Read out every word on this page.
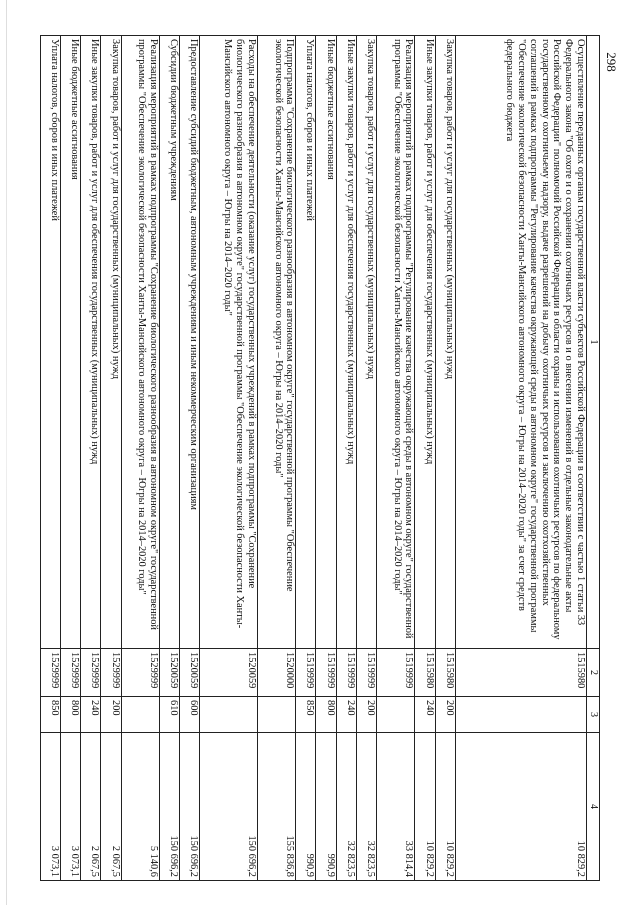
298
1	2	3	4
Осуществление переданных органам государственной власти субъектов Российской Федерации в соответствии с частью 1 статьи 33 Федерального закона "Об охоте и о сохранении охотничьих ресурсов и о внесении изменений в отдельные законодательные акты Российской Федерации" полномочий Российской Федерации в области охраны и использования охотничьих ресурсов по федеральному государственному охотничьему надзору, выдаче разрешений на добычу охотничьих ресурсов и заключению охотхозяйственных соглашений в рамках подпрограммы "Регулирование качества окружающей среды в автономном округе" государственной программы "Обеспечение экологической безопасности Ханты-Мансийского автономного округа – Югры на 2014–2020 годы" за счет средств федерального бюджета	1515980		10 829,2
Закупка товаров, работ и услуг для государственных (муниципальных) нужд	1515980	200	10 829,2
Иные закупки товаров, работ и услуг для обеспечения государственных (муниципальных) нужд	1515980	240	10 829,2
Реализация мероприятий в рамках подпрограммы "Регулирование качества окружающей среды в автономном округе" государственной программы "Обеспечение экологической безопасности Ханты-Мансийского автономного округа – Югры на 2014–2020 годы"	1519999		33 814,4
Закупка товаров, работ и услуг для государственных (муниципальных) нужд	1519999	200	32 823,5
Иные закупки товаров, работ и услуг для обеспечения государственных (муниципальных) нужд	1519999	240	32 823,5
Иные бюджетные ассигнования	1519999	800	990,9
Уплата налогов, сборов и иных платежей	1519999	850	990,9
Подпрограмма "Сохранение биологического разнообразия в автономном округе" государственной программы "Обеспечение экологической безопасности Ханты-Мансийского автономного округа – Югры на 2014–2020 годы"	1520000		155 836,8
Расходы на обеспечение деятельности (оказание услуг) государственных учреждений в рамках подпрограммы "Сохранение биологического разнообразия в автономном округе" государственной программы "Обеспечение экологической безопасности Ханты-Мансийского автономного округа – Югры на 2014–2020 годы"	1520059		150 696,2
Предоставление субсидий бюджетным, автономным учреждениям и иным некоммерческим организациям	1520059	600	150 696,2
Субсидии бюджетным учреждениям	1520059	610	150 696,2
Реализация мероприятий в рамках подпрограммы "Сохранение биологического разнообразия в автономном округе" государственной программы "Обеспечение экологической безопасности Ханты-Мансийского автономного округа – Югры на 2014–2020 годы"	1529999		5 140,6
Закупка товаров, работ и услуг для государственных (муниципальных) нужд	1529999	200	2 067,5
Иные закупки товаров, работ и услуг для обеспечения государственных (муниципальных) нужд	1529999	240	2 067,5
Иные бюджетные ассигнования	1529999	800	3 073,1
Уплата налогов, сборов и иных платежей	1529999	850	3 073,1
